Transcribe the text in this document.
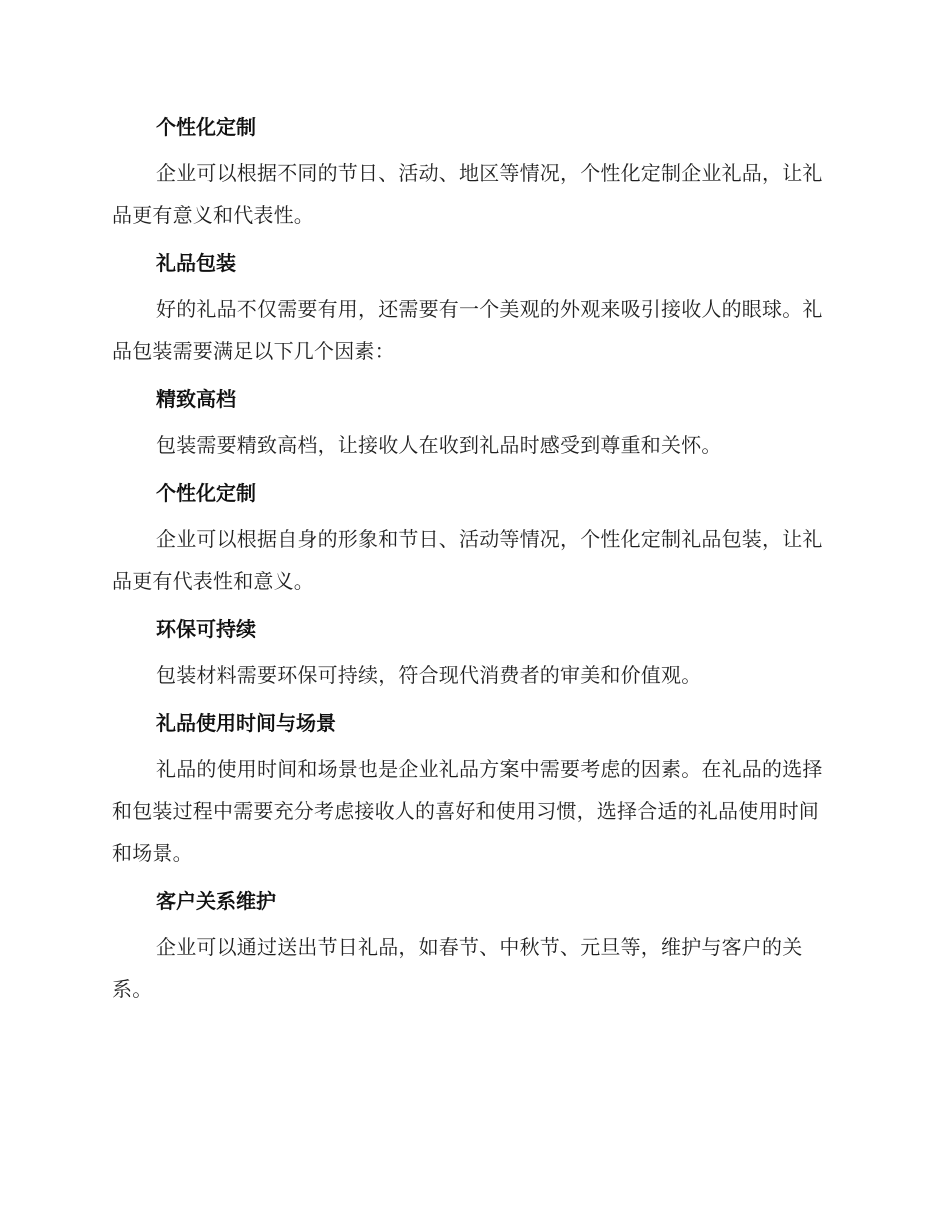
个性化定制

企业可以根据不同的节日、活动、地区等情况，个性化定制企业礼品，让礼品更有意义和代表性。

礼品包装

好的礼品不仅需要有用，还需要有一个美观的外观来吸引接收人的眼球。礼品包装需要满足以下几个因素：

精致高档

包装需要精致高档，让接收人在收到礼品时感受到尊重和关怀。

个性化定制

企业可以根据自身的形象和节日、活动等情况，个性化定制礼品包装，让礼品更有代表性和意义。

环保可持续

包装材料需要环保可持续，符合现代消费者的审美和价值观。

礼品使用时间与场景

礼品的使用时间和场景也是企业礼品方案中需要考虑的因素。在礼品的选择和包装过程中需要充分考虑接收人的喜好和使用习惯，选择合适的礼品使用时间和场景。

客户关系维护

企业可以通过送出节日礼品，如春节、中秋节、元旦等，维护与客户的关系。
